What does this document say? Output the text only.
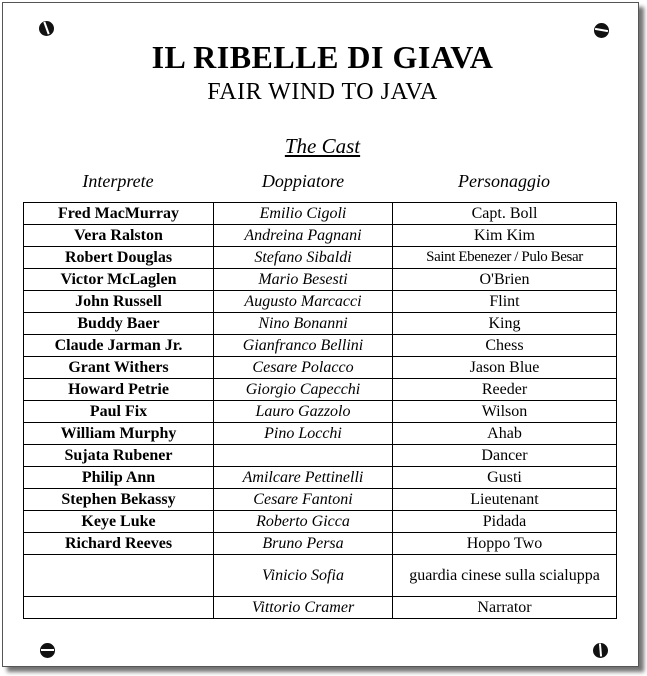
IL RIBELLE DI GIAVA
FAIR WIND TO JAVA
The Cast
Interprete	Doppiatore	Personaggio
Fred MacMurray	Emilio Cigoli	Capt. Boll
Vera Ralston	Andreina Pagnani	Kim Kim
Robert Douglas	Stefano Sibaldi	Saint Ebenezer / Pulo Besar
Victor McLaglen	Mario Besesti	O'Brien
John Russell	Augusto Marcacci	Flint
Buddy Baer	Nino Bonanni	King
Claude Jarman Jr.	Gianfranco Bellini	Chess
Grant Withers	Cesare Polacco	Jason Blue
Howard Petrie	Giorgio Capecchi	Reeder
Paul Fix	Lauro Gazzolo	Wilson
William Murphy	Pino Locchi	Ahab
Sujata Rubener		Dancer
Philip Ann	Amilcare Pettinelli	Gusti
Stephen Bekassy	Cesare Fantoni	Lieutenant
Keye Luke	Roberto Gicca	Pidada
Richard Reeves	Bruno Persa	Hoppo Two
	Vinicio Sofia	guardia cinese sulla scialuppa
	Vittorio Cramer	Narrator
